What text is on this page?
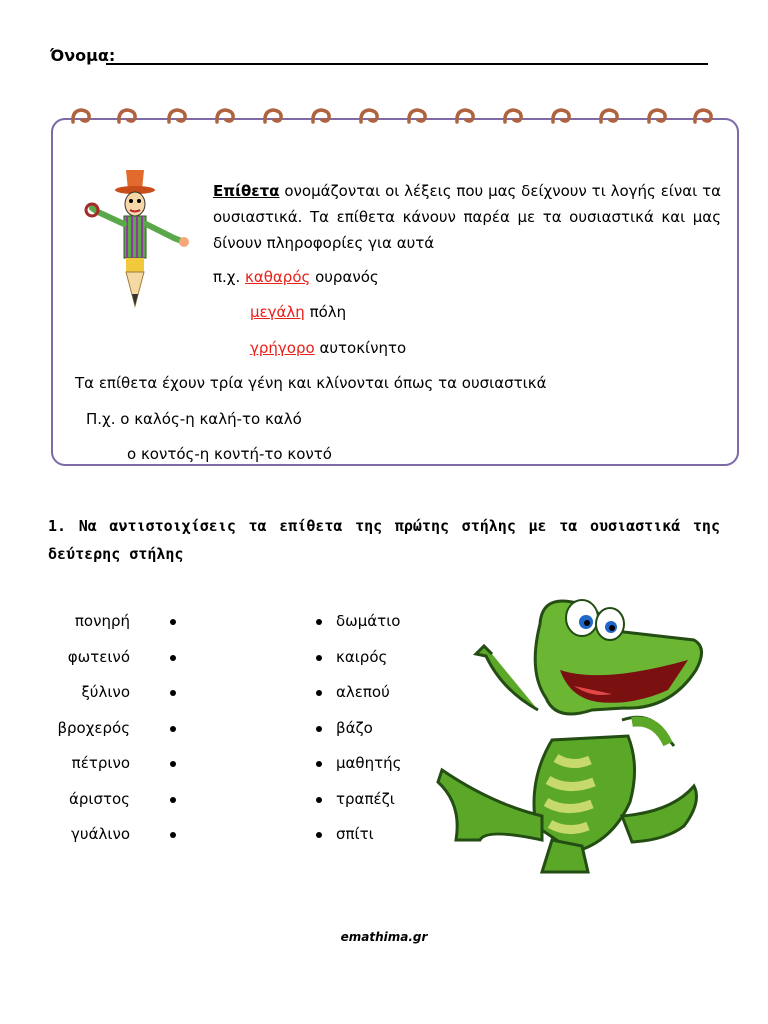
Όνομα:
Επίθετα ονομάζονται οι λέξεις που μας δείχνουν τι λογής είναι τα ουσιαστικά. Τα επίθετα κάνουν παρέα με τα ουσιαστικά και μας δίνουν πληροφορίες για αυτά
π.χ. καθαρός ουρανός
μεγάλη πόλη
γρήγορο αυτοκίνητο
Τα επίθετα έχουν τρία γένη και κλίνονται όπως τα ουσιαστικά
Π.χ. ο καλός-η καλή-το καλό
ο κοντός-η κοντή-το κοντό
1. Να αντιστοιχίσεις τα επίθετα της πρώτης στήλης με τα ουσιαστικά της δεύτερης στήλης
πονηρή
φωτεινό
ξύλινο
βροχερός
πέτρινο
άριστος
γυάλινο
δωμάτιο
καιρός
αλεπού
βάζο
μαθητής
τραπέζι
σπίτι
emathima.gr
